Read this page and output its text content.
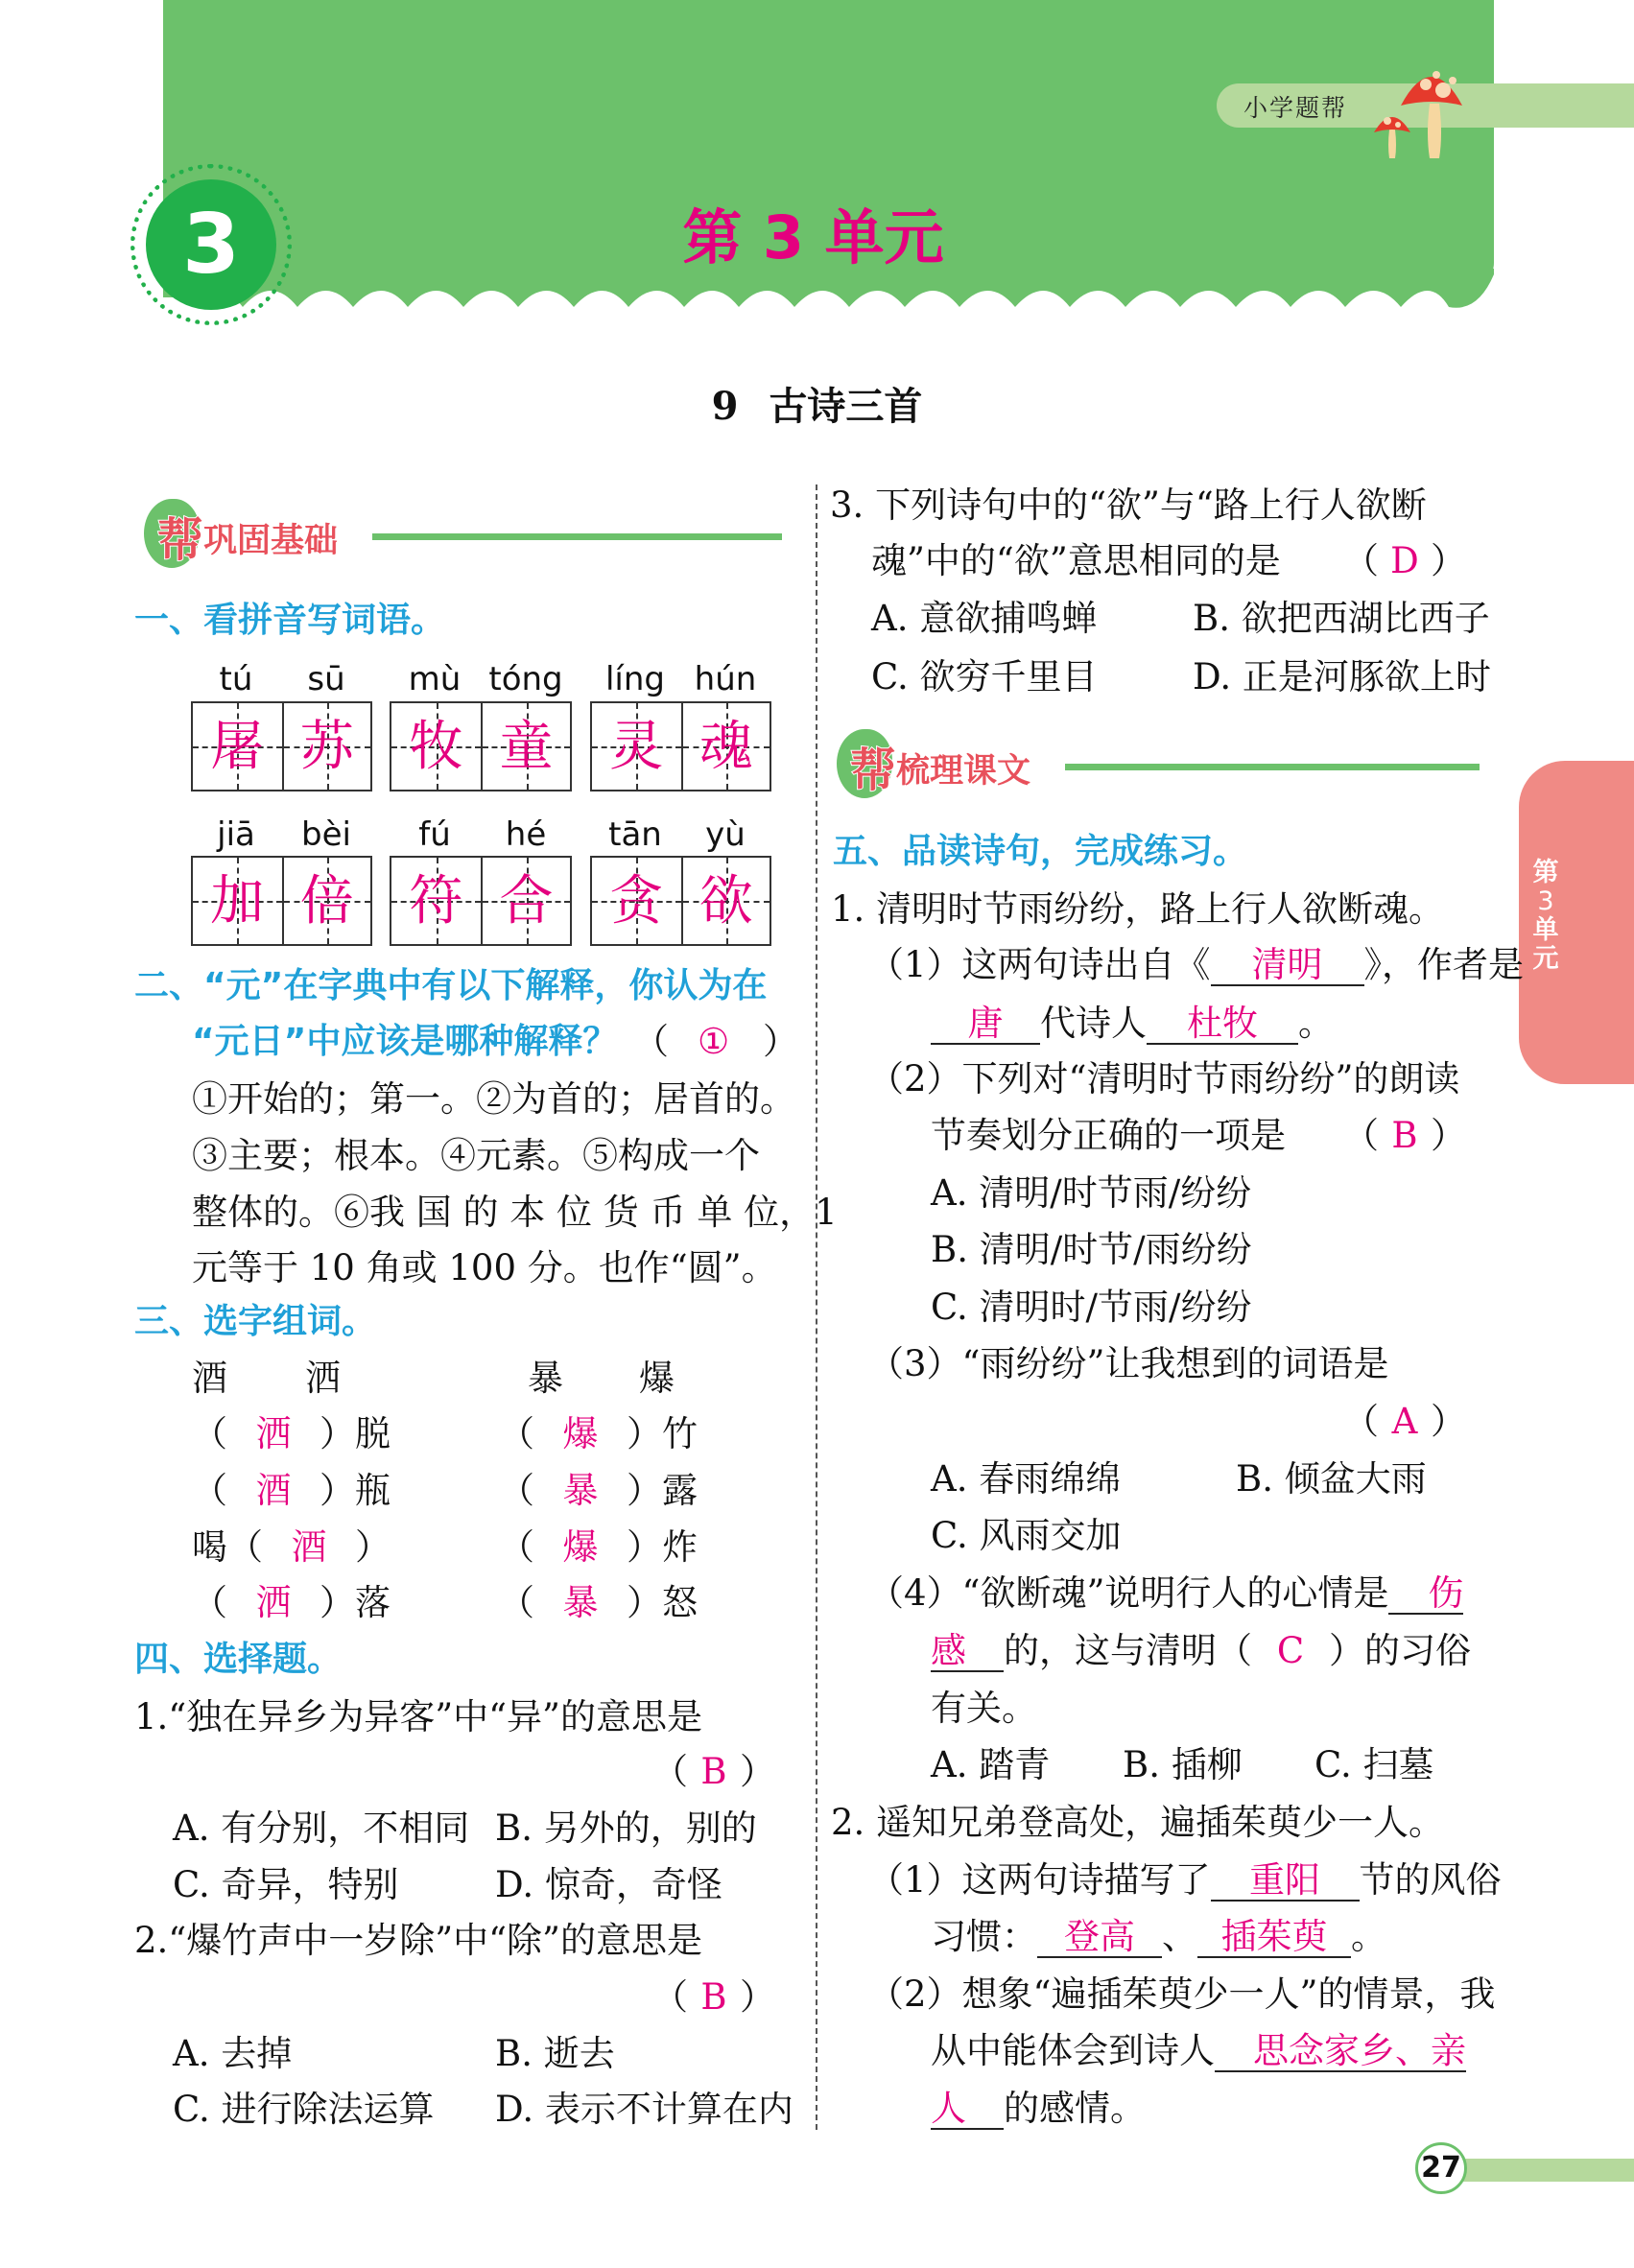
小学题帮
3	第 3 单元
9 古诗三首
第
3
单
元
帮 巩固基础
一、看拼音写词语。
tú	sū	mù tóng	líng hún
屠 苏	牧 童	灵 魂
jiā	bèi	fú	hé	tān	yù
加 倍	符 合	贪 欲
二、“元”在字典中有以下解释，你认为在
“元日”中应该是哪种解释？ （ ① ）
①开始的；第一。②为首的；居首的。
③主要；根本。④元素。⑤构成一个
整体的。⑥我 国 的 本 位 货 币 单 位，1
元等于 10 角或 100 分。也作“圆”。
三、选字组词。
酒 洒	暴 爆
（ 洒 ）脱
（ 酒 ）瓶
喝（ 酒 ）
（ 洒 ）落
（ 爆 ）竹
（ 暴 ）露
（ 爆 ）炸
（ 暴 ）怒
四、选择题。
1.“独在异乡为异客”中“异”的意思是
（ B ）
A. 有分别，不相同 B. 另外的，别的
C. 奇异，特别	D. 惊奇，奇怪
2.“爆竹声中一岁除”中“除”的意思是
（ B ）
A. 去掉	B. 逝去
C. 进行除法运算 D. 表示不计算在内
3. 下列诗句中的“欲”与“路上行人欲断
魂”中的“欲”意思相同的是 （ D ）
A. 意欲捕鸣蝉	B. 欲把西湖比西子
C. 欲穷千里目	D. 正是河豚欲上时
帮 梳理课文
五、品读诗句，完成练习。
1. 清明时节雨纷纷，路上行人欲断魂。
（1）这两句诗出自《 清明 》，作者是
唐 代诗人 杜牧 。
（2）下列对“清明时节雨纷纷”的朗读
节奏划分正确的一项是 （ B ）
A. 清明/时节雨/纷纷
B. 清明/时节/雨纷纷
C. 清明时/节雨/纷纷
（3）“雨纷纷”让我想到的词语是
（ A ）
A. 春雨绵绵	B. 倾盆大雨
C. 风雨交加
（4）“欲断魂”说明行人的心情是 伤
感 的，这与清明（ C ）的习俗
有关。
A. 踏青 B. 插柳 C. 扫墓
2. 遥知兄弟登高处，遍插茱萸少一人。
（1）这两句诗描写了 重阳 节的风俗
习惯： 登高 、 插茱萸 。
（2）想象“遍插茱萸少一人”的情景，我
从中能体会到诗人 思念家乡、亲
人 的感情。
27
